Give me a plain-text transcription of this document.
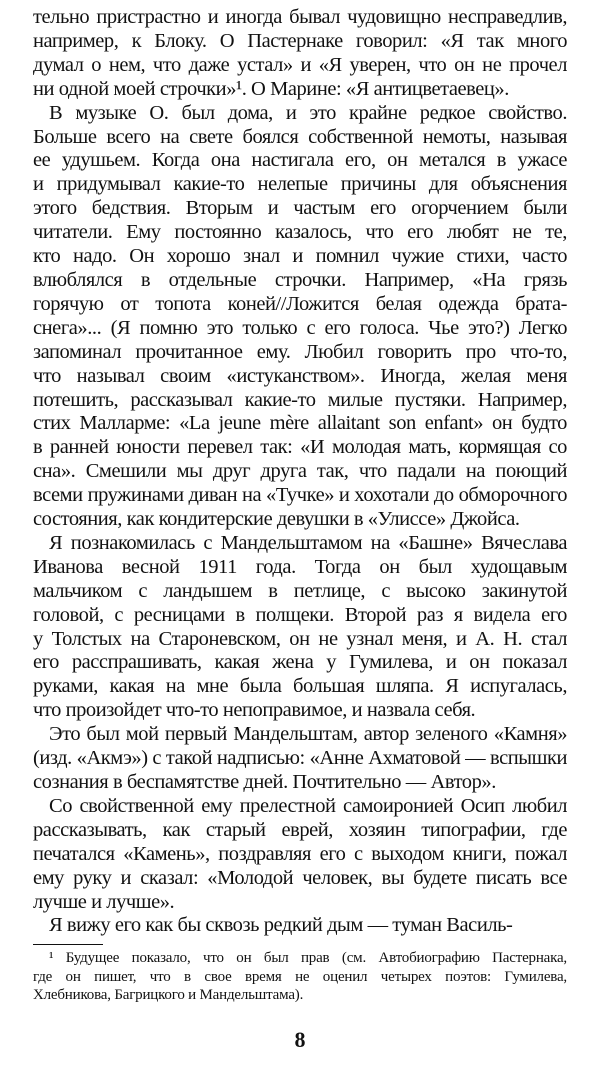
тельно пристрастно и иногда бывал чудовищно несправедлив,
например, к Блоку. О Пастернаке говорил: «Я так много
думал о нем, что даже устал» и «Я уверен, что он не прочел
ни одной моей строчки»¹. О Марине: «Я антицветаевец».
В музыке О. был дома, и это крайне редкое свойство.
Больше всего на свете боялся собственной немоты, называя
ее удушьем. Когда она настигала его, он метался в ужасе
и придумывал какие-то нелепые причины для объяснения
этого бедствия. Вторым и частым его огорчением были
читатели. Ему постоянно казалось, что его любят не те,
кто надо. Он хорошо знал и помнил чужие стихи, часто
влюблялся в отдельные строчки. Например, «На грязь
горячую от топота коней//Ложится белая одежда брата-
снега»... (Я помню это только с его голоса. Чье это?) Легко
запоминал прочитанное ему. Любил говорить про что-то,
что называл своим «истуканством». Иногда, желая меня
потешить, рассказывал какие-то милые пустяки. Например,
стих Малларме: «La jeune mère allaitant son enfant» он будто
в ранней юности перевел так: «И молодая мать, кормящая со
сна». Смешили мы друг друга так, что падали на поющий
всеми пружинами диван на «Тучке» и хохотали до обморочного
состояния, как кондитерские девушки в «Улиссе» Джойса.
Я познакомилась с Мандельштамом на «Башне» Вячеслава
Иванова весной 1911 года. Тогда он был худощавым
мальчиком с ландышем в петлице, с высоко закинутой
головой, с ресницами в полщеки. Второй раз я видела его
у Толстых на Староневском, он не узнал меня, и А. Н. стал
его расспрашивать, какая жена у Гумилева, и он показал
руками, какая на мне была большая шляпа. Я испугалась,
что произойдет что-то непоправимое, и назвала себя.
Это был мой первый Мандельштам, автор зеленого «Камня»
(изд. «Акмэ») с такой надписью: «Анне Ахматовой — вспышки
сознания в беспамятстве дней. Почтительно — Автор».
Со свойственной ему прелестной самоиронией Осип любил
рассказывать, как старый еврей, хозяин типографии, где
печатался «Камень», поздравляя его с выходом книги, пожал
ему руку и сказал: «Молодой человек, вы будете писать все
лучше и лучше».
Я вижу его как бы сквозь редкий дым — туман Василь-
¹ Будущее показало, что он был прав (см. Автобиографию Пастернака,
где он пишет, что в свое время не оценил четырех поэтов: Гумилева,
Хлебникова, Багрицкого и Мандельштама).
8
